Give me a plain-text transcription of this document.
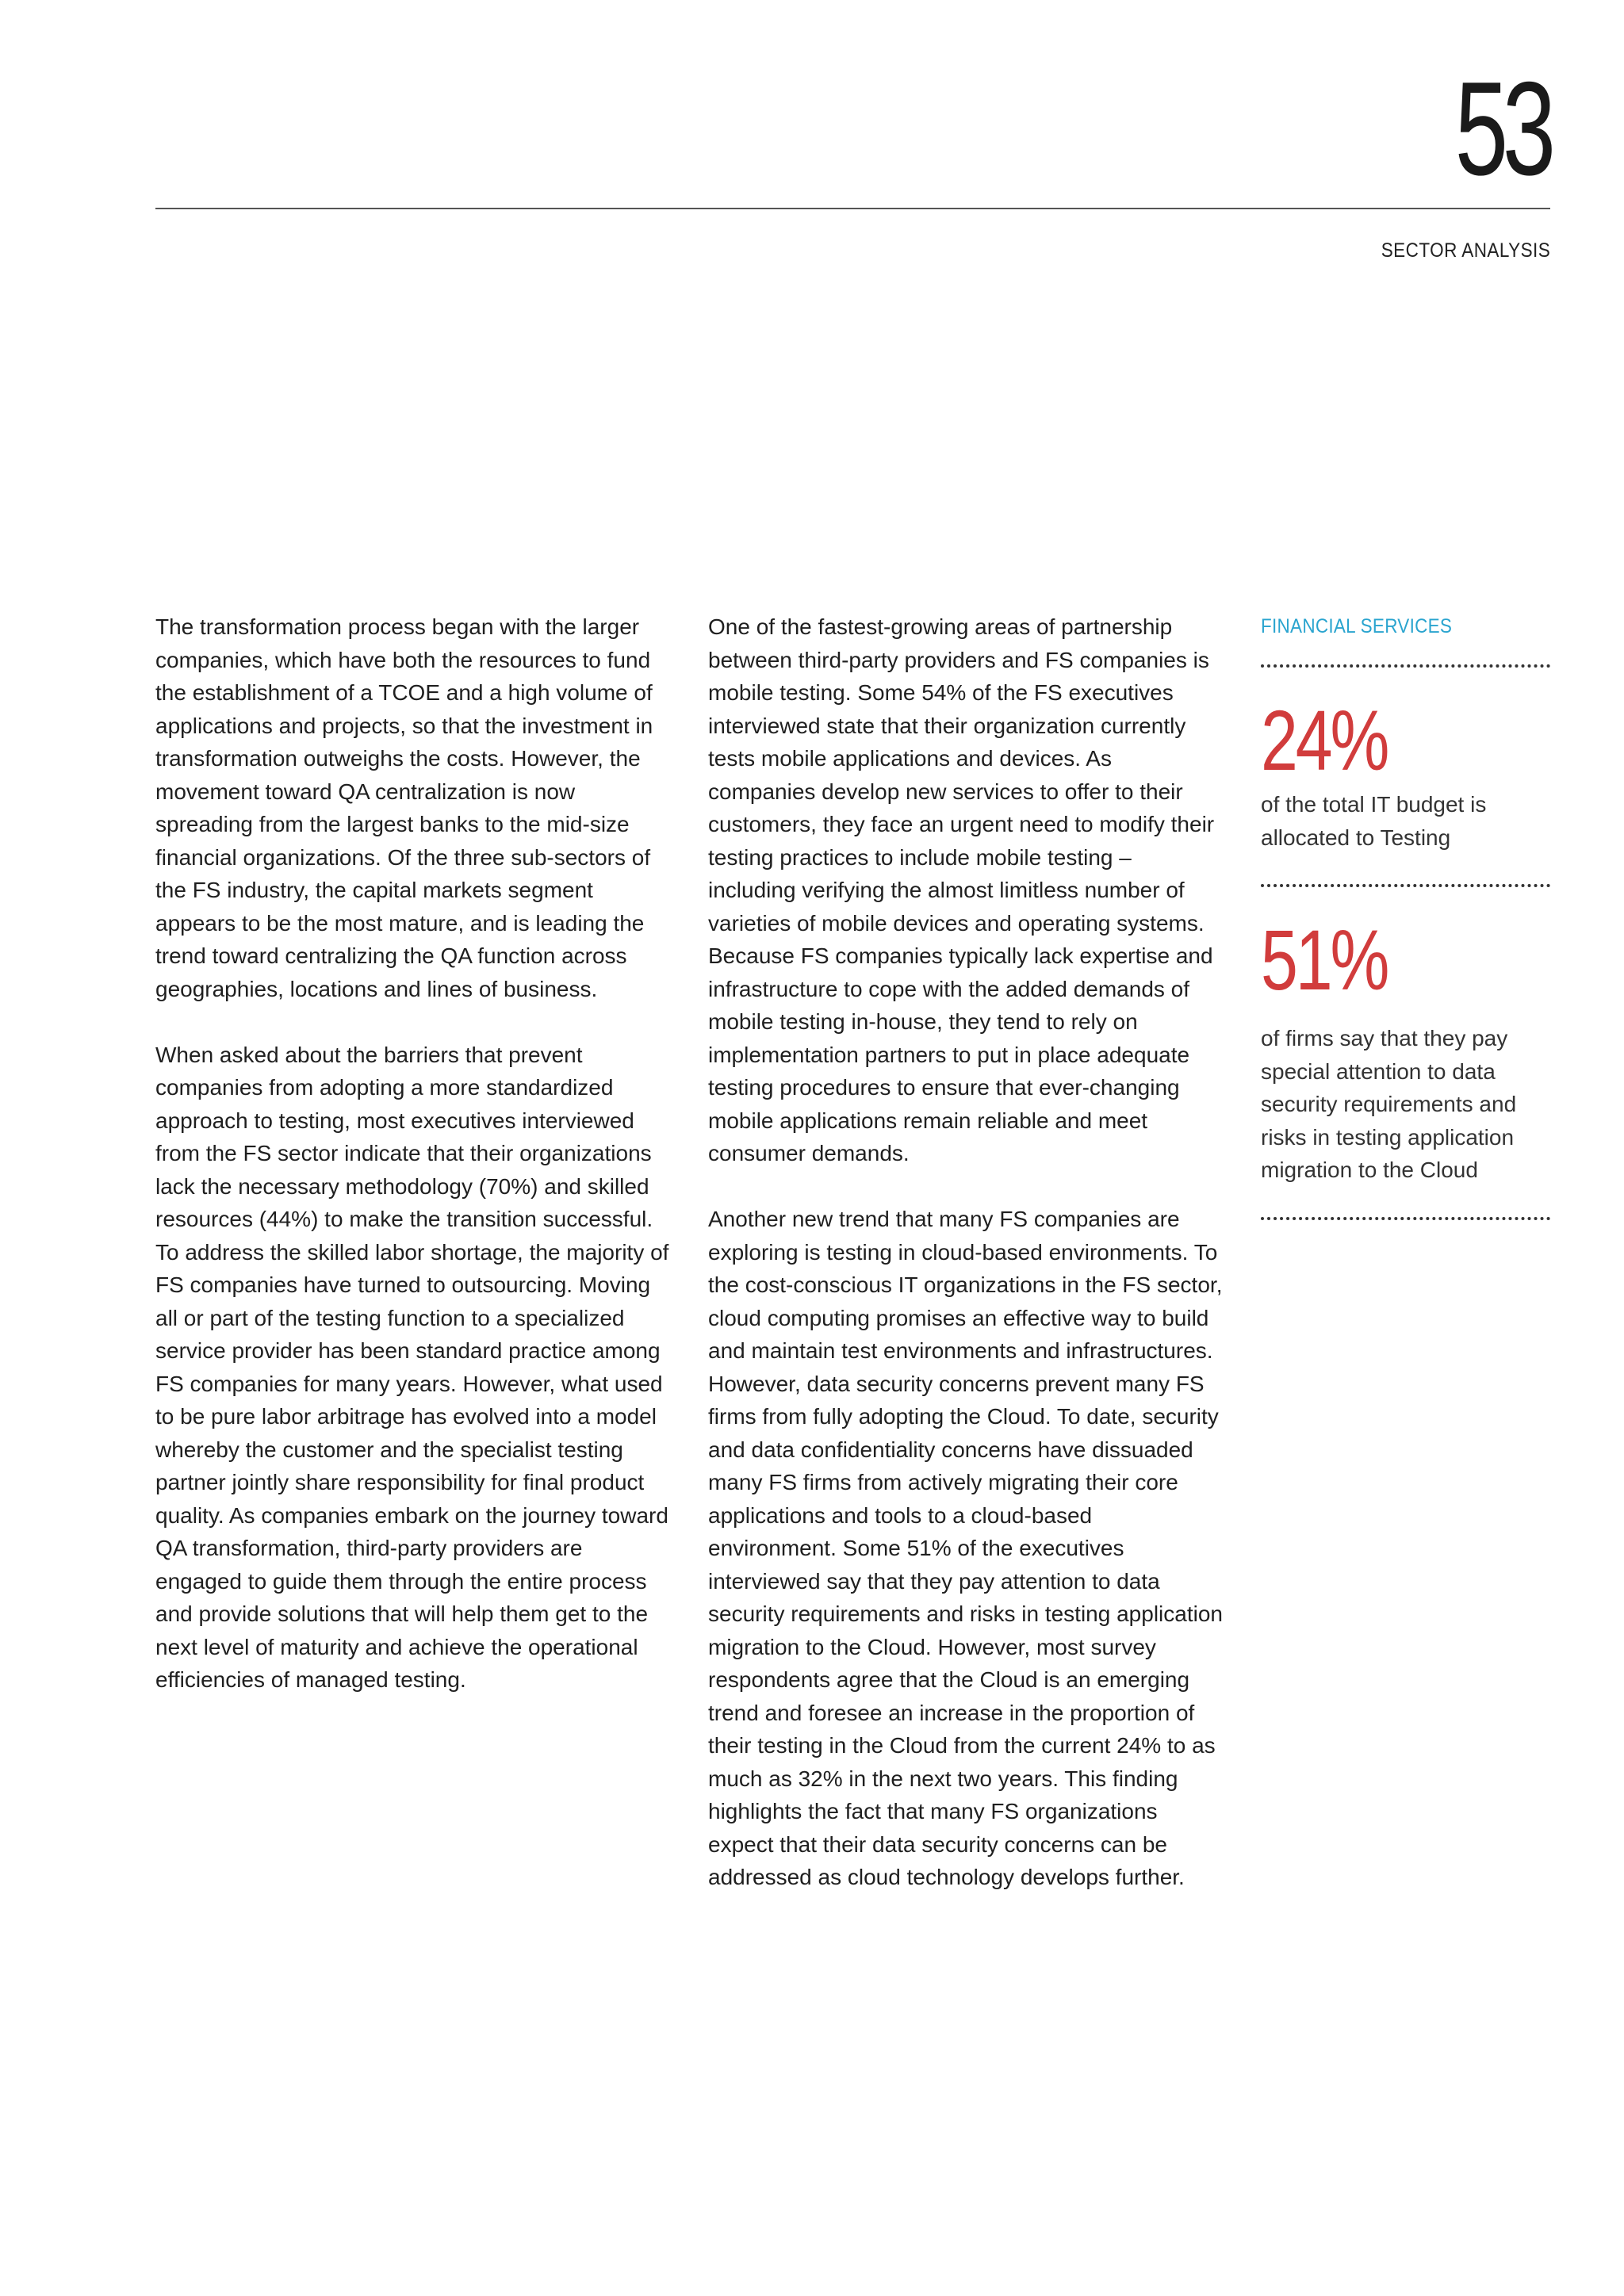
53
SECTOR ANALYSIS

The transformation process began with the larger companies, which have both the resources to fund the establishment of a TCOE and a high volume of applications and projects, so that the investment in transformation outweighs the costs. However, the movement toward QA centralization is now spreading from the largest banks to the mid-size financial organizations. Of the three sub-sectors of the FS industry, the capital markets segment appears to be the most mature, and is leading the trend toward centralizing the QA function across geographies, locations and lines of business.

When asked about the barriers that prevent companies from adopting a more standardized approach to testing, most executives interviewed from the FS sector indicate that their organizations lack the necessary methodology (70%) and skilled resources (44%) to make the transition successful. To address the skilled labor shortage, the majority of FS companies have turned to outsourcing. Moving all or part of the testing function to a specialized service provider has been standard practice among FS companies for many years. However, what used to be pure labor arbitrage has evolved into a model whereby the customer and the specialist testing partner jointly share responsibility for final product quality. As companies embark on the journey toward QA transformation, third-party providers are engaged to guide them through the entire process and provide solutions that will help them get to the next level of maturity and achieve the operational efficiencies of managed testing.

One of the fastest-growing areas of partnership between third-party providers and FS companies is mobile testing. Some 54% of the FS executives interviewed state that their organization currently tests mobile applications and devices. As companies develop new services to offer to their customers, they face an urgent need to modify their testing practices to include mobile testing – including verifying the almost limitless number of varieties of mobile devices and operating systems. Because FS companies typically lack expertise and infrastructure to cope with the added demands of mobile testing in-house, they tend to rely on implementation partners to put in place adequate testing procedures to ensure that ever-changing mobile applications remain reliable and meet consumer demands.

Another new trend that many FS companies are exploring is testing in cloud-based environments. To the cost-conscious IT organizations in the FS sector, cloud computing promises an effective way to build and maintain test environments and infrastructures. However, data security concerns prevent many FS firms from fully adopting the Cloud. To date, security and data confidentiality concerns have dissuaded many FS firms from actively migrating their core applications and tools to a cloud-based environment. Some 51% of the executives interviewed say that they pay attention to data security requirements and risks in testing application migration to the Cloud. However, most survey respondents agree that the Cloud is an emerging trend and foresee an increase in the proportion of their testing in the Cloud from the current 24% to as much as 32% in the next two years. This finding highlights the fact that many FS organizations expect that their data security concerns can be addressed as cloud technology develops further.

FINANCIAL SERVICES

24%

of the total IT budget is allocated to Testing

51%

of firms say that they pay special attention to data security requirements and risks in testing application migration to the Cloud
